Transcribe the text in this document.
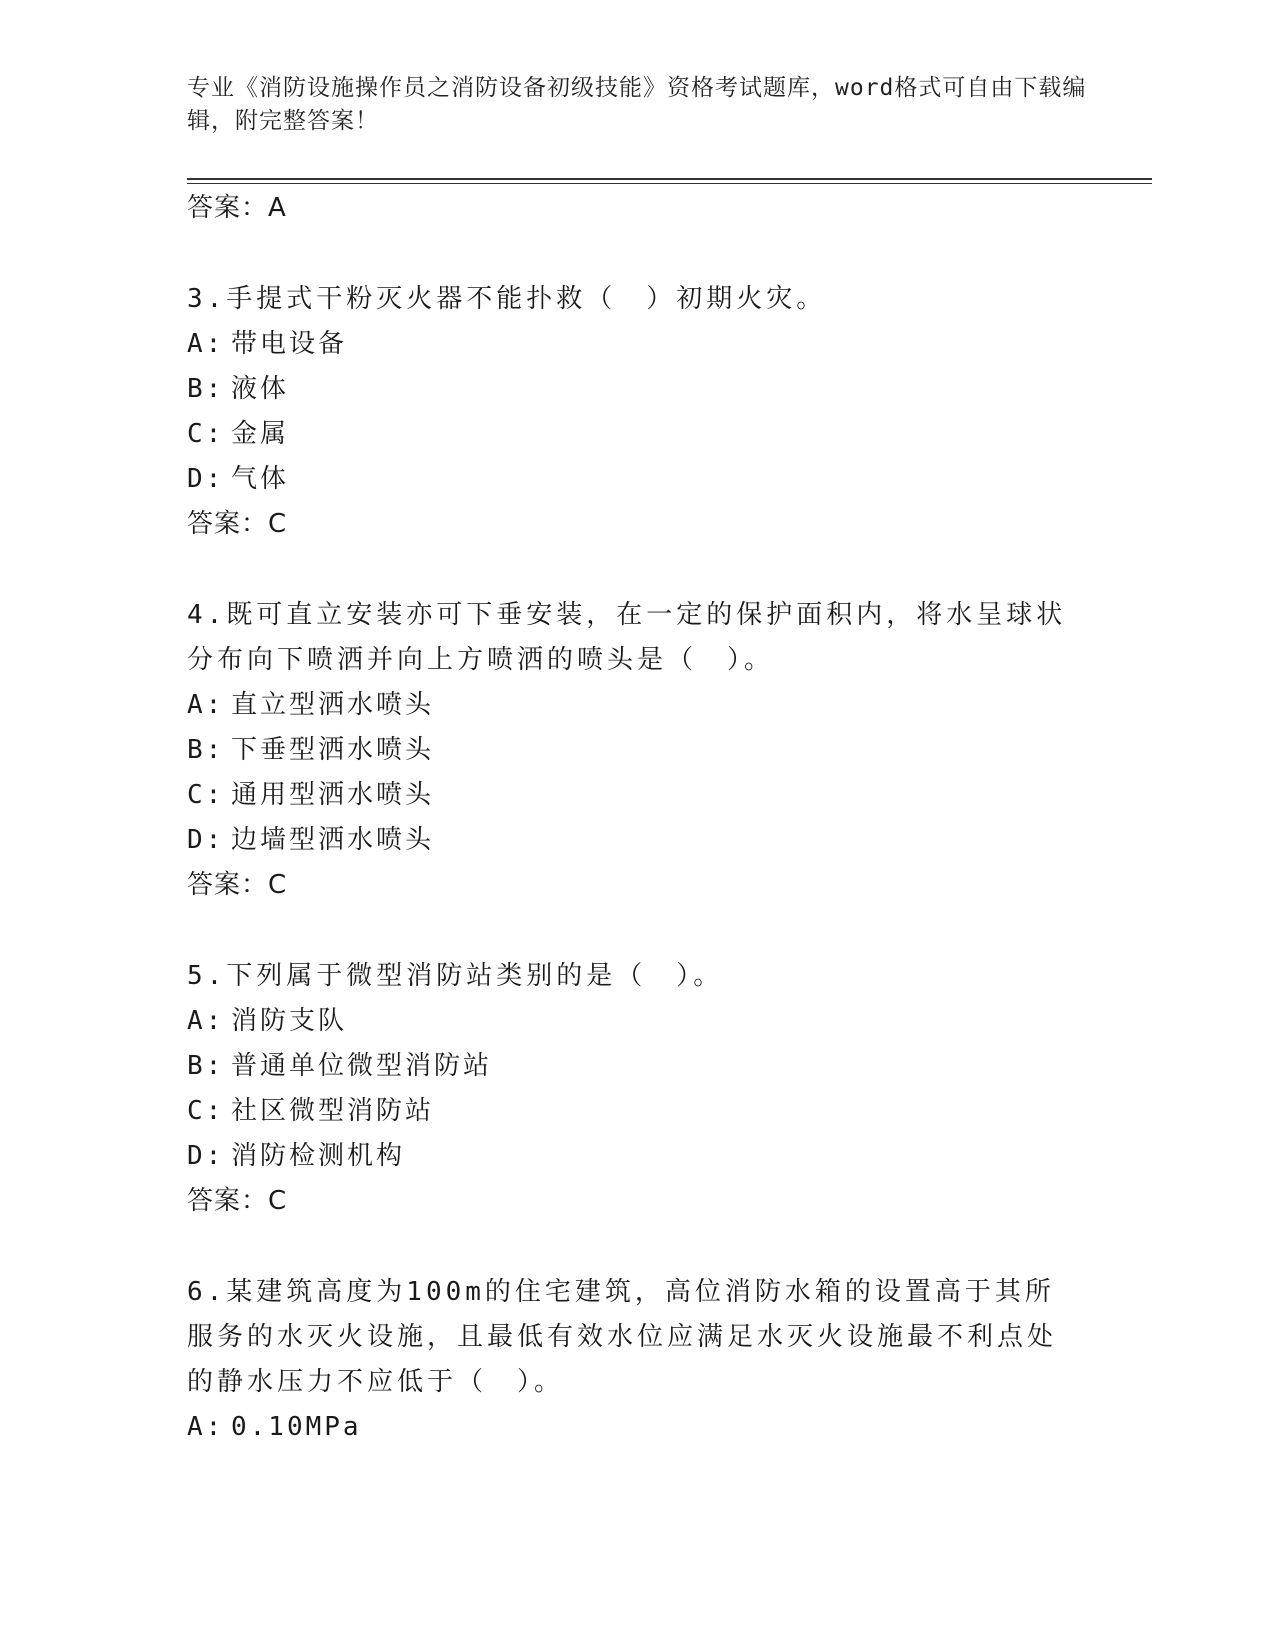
专业《消防设施操作员之消防设备初级技能》资格考试题库，word格式可自由下载编辑，附完整答案！
答案：A
3.手提式干粉灭火器不能扑救（　）初期火灾。
A: 带电设备
B: 液体
C: 金属
D: 气体
答案：C
4.既可直立安装亦可下垂安装，在一定的保护面积内，将水呈球状分布向下喷洒并向上方喷洒的喷头是（　）。
A: 直立型洒水喷头
B: 下垂型洒水喷头
C: 通用型洒水喷头
D: 边墙型洒水喷头
答案：C
5.下列属于微型消防站类别的是（　）。
A: 消防支队
B: 普通单位微型消防站
C: 社区微型消防站
D: 消防检测机构
答案：C
6.某建筑高度为100m的住宅建筑，高位消防水箱的设置高于其所服务的水灭火设施，且最低有效水位应满足水灭火设施最不利点处的静水压力不应低于（　）。
A: 0.10MPa
